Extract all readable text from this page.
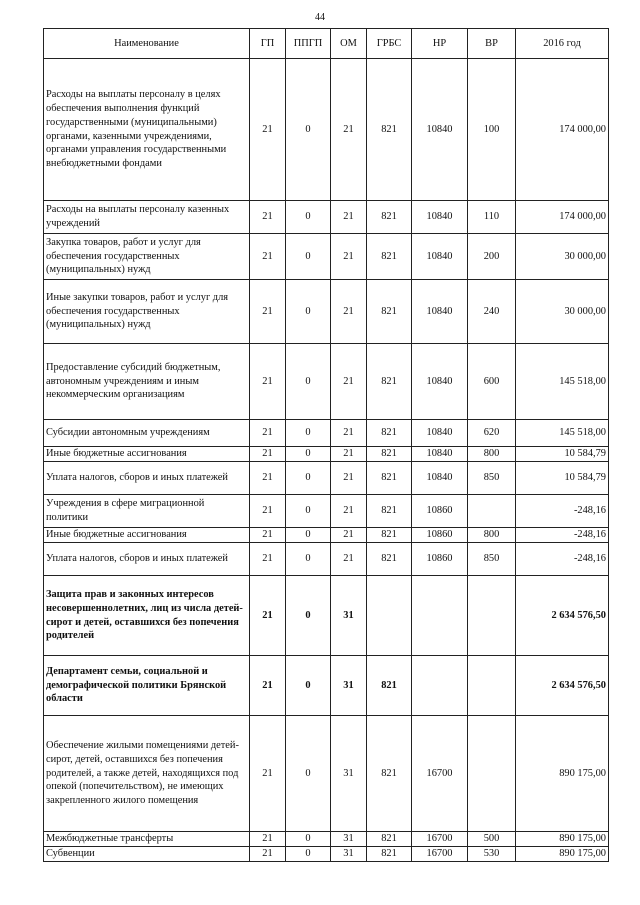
44
Наименование	ГП	ППГП	ОМ	ГРБС	НР	ВР	2016 год
Расходы на выплаты персоналу в целях обеспечения выполнения функций государственными (муниципальными) органами, казенными учреждениями, органами управления государственными внебюджетными фондами	21	0	21	821	10840	100	174 000,00
Расходы на выплаты персоналу казенных учреждений	21	0	21	821	10840	110	174 000,00
Закупка товаров, работ и услуг для обеспечения государственных (муниципальных) нужд	21	0	21	821	10840	200	30 000,00
Иные закупки товаров, работ и услуг для обеспечения государственных (муниципальных) нужд	21	0	21	821	10840	240	30 000,00
Предоставление субсидий бюджетным, автономным учреждениям и иным некоммерческим организациям	21	0	21	821	10840	600	145 518,00
Субсидии автономным учреждениям	21	0	21	821	10840	620	145 518,00
Иные бюджетные ассигнования	21	0	21	821	10840	800	10 584,79
Уплата налогов, сборов и иных платежей	21	0	21	821	10840	850	10 584,79
Учреждения в сфере миграционной политики	21	0	21	821	10860		-248,16
Иные бюджетные ассигнования	21	0	21	821	10860	800	-248,16
Уплата налогов, сборов и иных платежей	21	0	21	821	10860	850	-248,16
Защита прав и законных интересов несовершеннолетних, лиц из числа детей-сирот и детей, оставшихся без попечения родителей	21	0	31				2 634 576,50
Департамент семьи, социальной и демографической политики Брянской области	21	0	31	821			2 634 576,50
Обеспечение жилыми помещениями детей-сирот, детей, оставшихся без попечения родителей, а также детей, находящихся под опекой (попечительством), не имеющих закрепленного жилого помещения	21	0	31	821	16700		890 175,00
Межбюджетные трансферты	21	0	31	821	16700	500	890 175,00
Субвенции	21	0	31	821	16700	530	890 175,00
